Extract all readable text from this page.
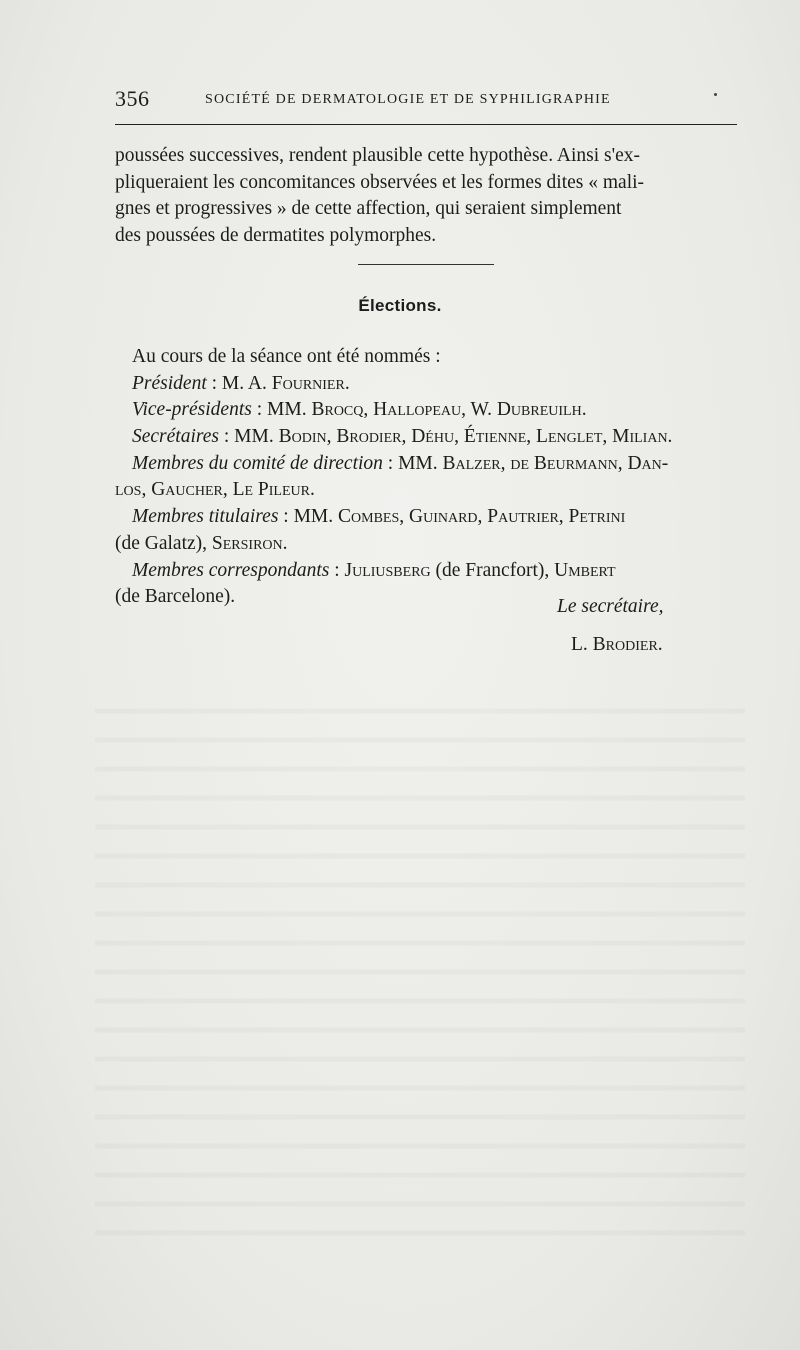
356	SOCIÉTÉ DE DERMATOLOGIE ET DE SYPHILIGRAPHIE

poussées successives, rendent plausible cette hypothèse. Ainsi s'ex-
pliqueraient les concomitances observées et les formes dites « mali-
gnes et progressives » de cette affection, qui seraient simplement
des poussées de dermatites polymorphes.

Élections.
Au cours de la séance ont été nommés :
Président : M. A. Fournier.
Vice-présidents : MM. Brocq, Hallopeau, W. Dubreuilh.
Secrétaires : MM. Bodin, Brodier, Déhu, Étienne, Lenglet, Milian.
Membres du comité de direction : MM. Balzer, de Beurmann, Dan-
los, Gaucher, Le Pileur.
Membres titulaires : MM. Combes, Guinard, Pautrier, Petrini
(de Galatz), Sersiron.
Membres correspondants : Juliusberg (de Francfort), Umbert
(de Barcelone).	Le secrétaire,
L. Brodier.
